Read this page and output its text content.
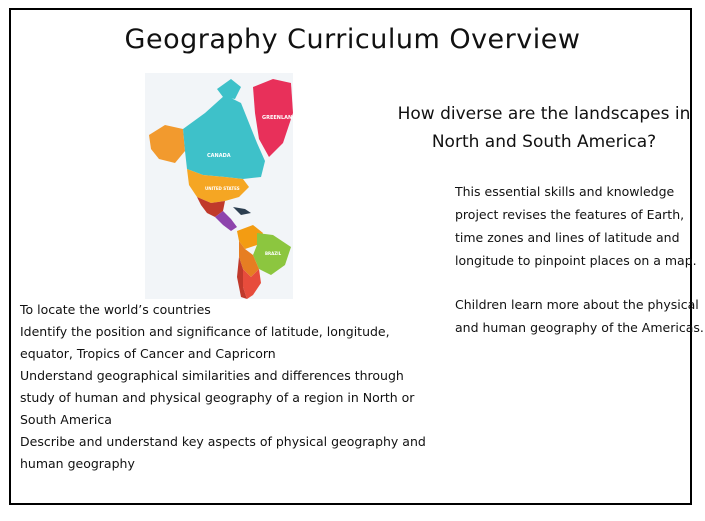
Geography Curriculum Overview
GREENLAND
CANADA
UNITED STATES
BRAZIL
How diverse are the landscapes in North and South America?

This essential skills and knowledge project revises the features of Earth, time zones and lines of latitude and longitude to pinpoint places on a map.

Children learn more about the physical and human geography of the Americas.

To locate the world’s countries
Identify the position and significance of latitude, longitude, equator, Tropics of Cancer and Capricorn
Understand geographical similarities and differences through study of human and physical geography of a region in North or South America
Describe and understand key aspects of physical geography and human geography
